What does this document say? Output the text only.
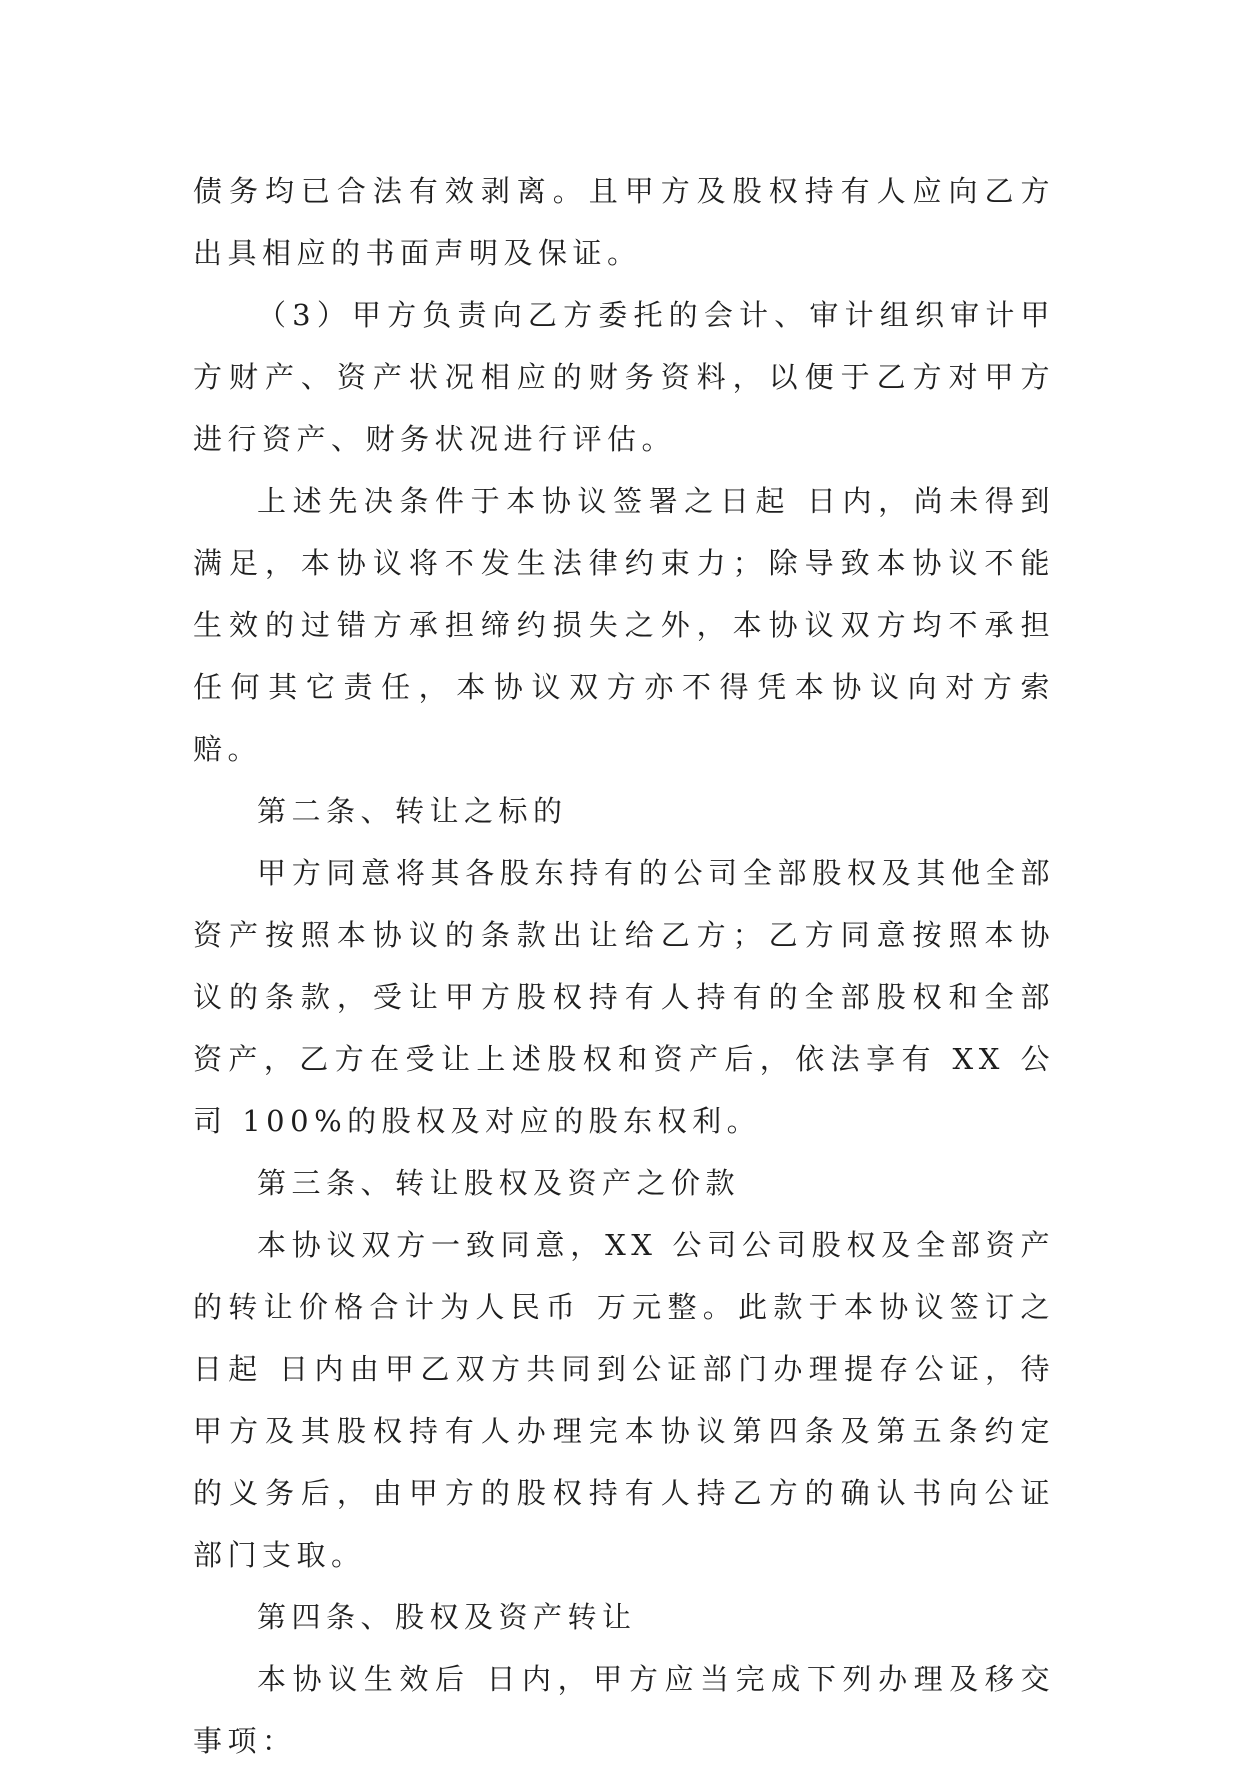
债务均已合法有效剥离。且甲方及股权持有人应向乙方出具相应的书面声明及保证。

（3）甲方负责向乙方委托的会计、审计组织审计甲方财产、资产状况相应的财务资料，以便于乙方对甲方进行资产、财务状况进行评估。

上述先决条件于本协议签署之日起 日内，尚未得到满足，本协议将不发生法律约束力；除导致本协议不能生效的过错方承担缔约损失之外，本协议双方均不承担任何其它责任，本协议双方亦不得凭本协议向对方索赔。

第二条、转让之标的

甲方同意将其各股东持有的公司全部股权及其他全部资产按照本协议的条款出让给乙方；乙方同意按照本协议的条款，受让甲方股权持有人持有的全部股权和全部资产，乙方在受让上述股权和资产后，依法享有 XX 公司 100%的股权及对应的股东权利。

第三条、转让股权及资产之价款

本协议双方一致同意，XX 公司公司股权及全部资产的转让价格合计为人民币 万元整。此款于本协议签订之日起 日内由甲乙双方共同到公证部门办理提存公证，待甲方及其股权持有人办理完本协议第四条及第五条约定的义务后，由甲方的股权持有人持乙方的确认书向公证部门支取。

第四条、股权及资产转让

本协议生效后 日内，甲方应当完成下列办理及移交事项：
